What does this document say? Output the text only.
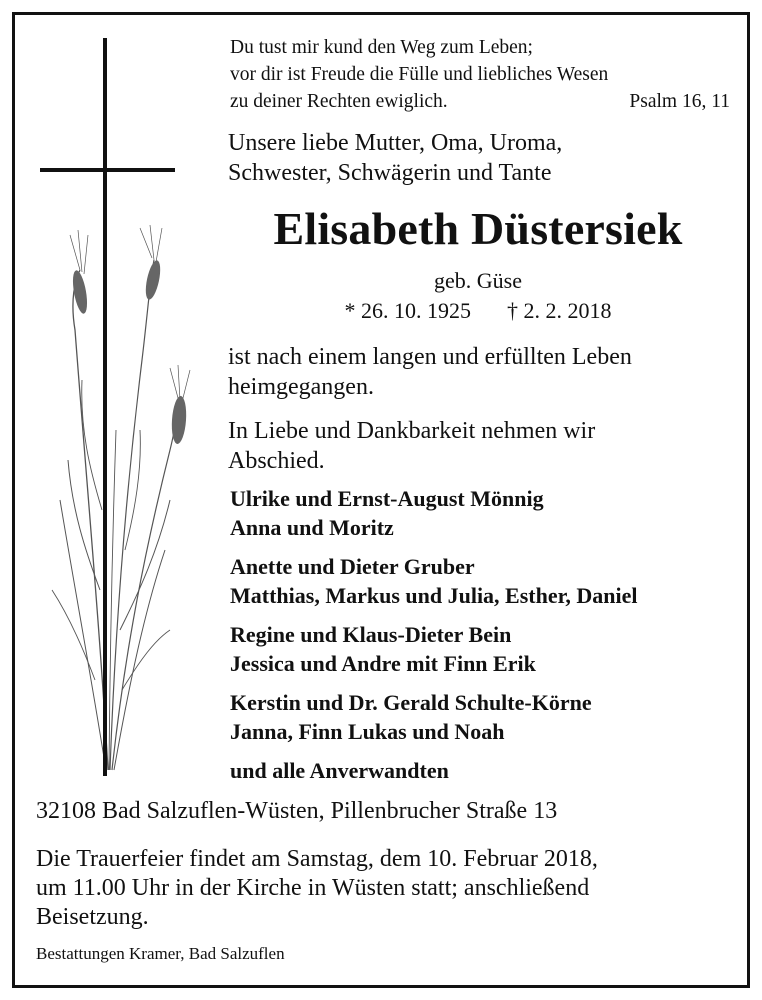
Du tust mir kund den Weg zum Leben;
vor dir ist Freude die Fülle und liebliches Wesen
zu deiner Rechten ewiglich.	Psalm 16, 11
Unsere liebe Mutter, Oma, Uroma,
Schwester, Schwägerin und Tante
Elisabeth Düstersiek
geb. Güse
* 26. 10. 1925 † 2. 2. 2018
ist nach einem langen und erfüllten Leben
heimgegangen.
In Liebe und Dankbarkeit nehmen wir
Abschied.
Ulrike und Ernst-August Mönnig
Anna und Moritz
Anette und Dieter Gruber
Matthias, Markus und Julia, Esther, Daniel
Regine und Klaus-Dieter Bein
Jessica und Andre mit Finn Erik
Kerstin und Dr. Gerald Schulte-Körne
Janna, Finn Lukas und Noah
und alle Anverwandten
32108 Bad Salzuflen-Wüsten, Pillenbrucher Straße 13
Die Trauerfeier findet am Samstag, dem 10. Februar 2018,
um 11.00 Uhr in der Kirche in Wüsten statt; anschließend
Beisetzung.
Bestattungen Kramer, Bad Salzuflen
